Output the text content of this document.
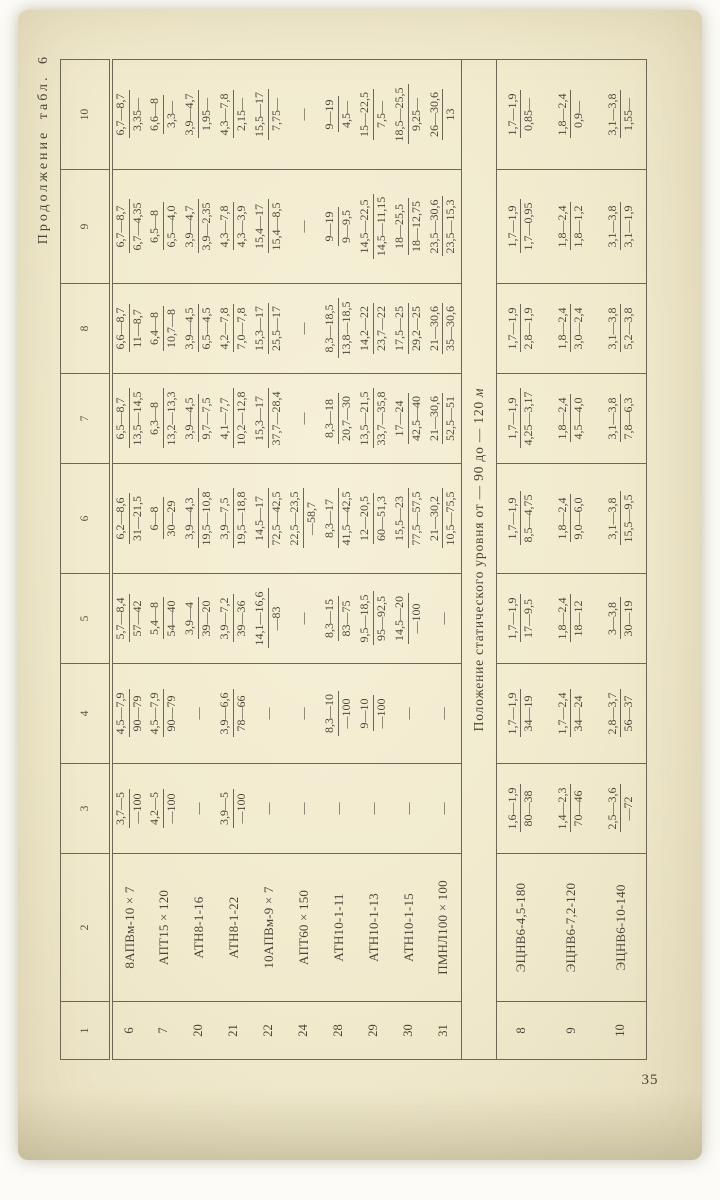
Продолжение табл. 6
1	2	3	4	5	6	7	8	9	10
6	8АПВм-10 × 7	3,7—5 —100	4,5—7,9 90—79	5,7—8,4 57—42	6,2—8,6 31—21,5	6,5—8,7 13,5—14,5	6,6—8,7 11—8,7	6,7—8,7 6,7—4,35	6,7—8,7 3,35—

7	АПТ15 × 120	4,2—5 —100	4,5—7,9 90—79	5,4—8 54—40	6—8 30—29	6,3—8 13,2—13,3	6,4—8 10,7—8	6,5—8 6,5—4,0	6,6—8 3,3—

20	АТН8-1-16	—	—	3,9—4 39—20	3,9—4,3 19,5—10,8	3,9—4,5 9,7—7,5	3,9—4,5 6,5—4,5	3,9—4,7 3,9—2,35	3,9—4,7 1,95—

21	АТН8-1-22	3,9—5 —100	3,9—6,6 78—66	3,9—7,2 39—36	3,9—7,5 19,5—18,8	4,1—7,7 10,2—12,8	4,2—7,8 7,0—7,8	4,3—7,8 4,3—3,9	4,3—7,8 2,15—

22	10АПВм-9 × 7	—	—	14,1—16,6 —83	14,5—17 72,5—42,5	15,3—17 37,7—28,4	15,3—17 25,5—17	15,4—17 15,4—8,5	15,5—17 7,75—

24	АПТ60 × 150	—	—	—	22,5—23,5 —58,7	—	—	—	—
28	АТН10-1-11	—	8,3—10 —100	8,3—15 83—75	8,3—17 41,5—42,5	8,3—18 20,7—30	8,3—18,5 13,8—18,5	9—19 9—9,5	9—19 4,5—

29	АТН10-1-13	—	9—10 —100	9,5—18,5 95—92,5	12—20,5 60—51,3	13,5—21,5 33,7—35,8	14,2—22 23,7—22	14,5—22,5 14,5—11,15	15—22,5 7,5—

30	АТН10-1-15	—	—	14,5—20 —100	15,5—23 77,5—57,5	17—24 42,5—40	17,5—25 29,2—25	18—25,5 18—12,75	18,5—25,5 9,25—

31	ПМНЛ100 × 100	—	—	—	21—30,2 10,5—75,5	21—30,6 52,5—51	21—30,6 35—30,6	23,5—30,6 23,5—15,3	26—30,6 13

Положение статического уровня от — 90 до — 120м									
8	ЭЦНВ6-4,5-180	1,6—1,9 80—38	1,7—1,9 34—19	1,7—1,9 17—9,5	1,7—1,9 8,5—4,75	1,7—1,9 4,25—3,17	1,7—1,9 2,8—1,9	1,7—1,9 1,7—0,95	1,7—1,9 0,85—

9	ЭЦНВ6-7,2-120	1,4—2,3 70—46	1,7—2,4 34—24	1,8—2,4 18—12	1,8—2,4 9,0—6,0	1,8—2,4 4,5—4,0	1,8—2,4 3,0—2,4	1,8—2,4 1,8—1,2	1,8—2,4 0,9—

10	ЭЦНВ6-10-140	2,5—3,6 —72	2,8—3,7 56—37	3—3,8 30—19	3,1—3,8 15,5—9,5	3,1—3,8 7,8—6,3	3,1—3,8 5,2—3,8	3,1—3,8 3,1—1,9	3,1—3,8 1,55—
35
